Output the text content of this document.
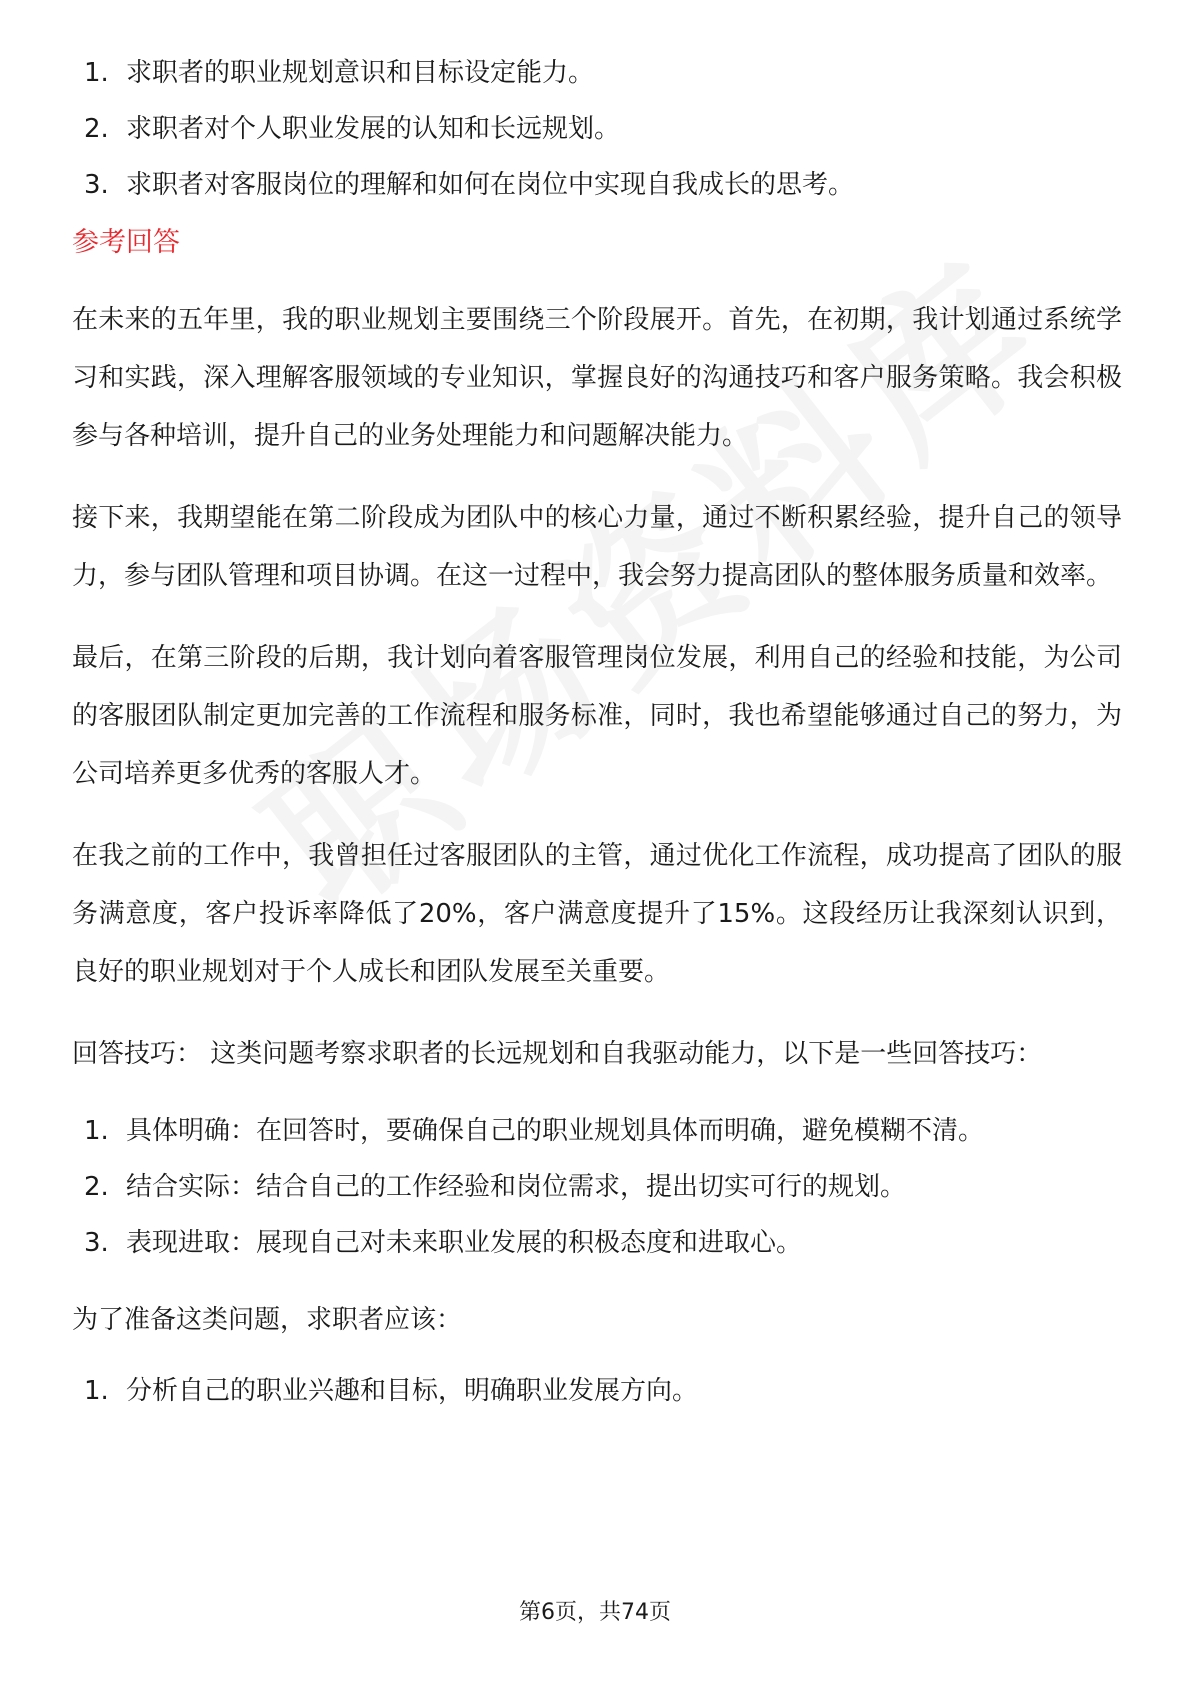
1. 求职者的职业规划意识和目标设定能力。
2. 求职者对个人职业发展的认知和长远规划。
3. 求职者对客服岗位的理解和如何在岗位中实现自我成长的思考。
参考回答

在未来的五年里，我的职业规划主要围绕三个阶段展开。首先，在初期，我计划通过系统学习和实践，深入理解客服领域的专业知识，掌握良好的沟通技巧和客户服务策略。我会积极参与各种培训，提升自己的业务处理能力和问题解决能力。

接下来，我期望能在第二阶段成为团队中的核心力量，通过不断积累经验，提升自己的领导力，参与团队管理和项目协调。在这一过程中，我会努力提高团队的整体服务质量和效率。

最后，在第三阶段的后期，我计划向着客服管理岗位发展，利用自己的经验和技能，为公司的客服团队制定更加完善的工作流程和服务标准，同时，我也希望能够通过自己的努力，为公司培养更多优秀的客服人才。

在我之前的工作中，我曾担任过客服团队的主管，通过优化工作流程，成功提高了团队的服务满意度，客户投诉率降低了20%，客户满意度提升了15%。这段经历让我深刻认识到，良好的职业规划对于个人成长和团队发展至关重要。

回答技巧： 这类问题考察求职者的长远规划和自我驱动能力，以下是一些回答技巧：

1. 具体明确：在回答时，要确保自己的职业规划具体而明确，避免模糊不清。
2. 结合实际：结合自己的工作经验和岗位需求，提出切实可行的规划。
3. 表现进取：展现自己对未来职业发展的积极态度和进取心。

为了准备这类问题，求职者应该：

1. 分析自己的职业兴趣和目标，明确职业发展方向。
第6页，共74页
